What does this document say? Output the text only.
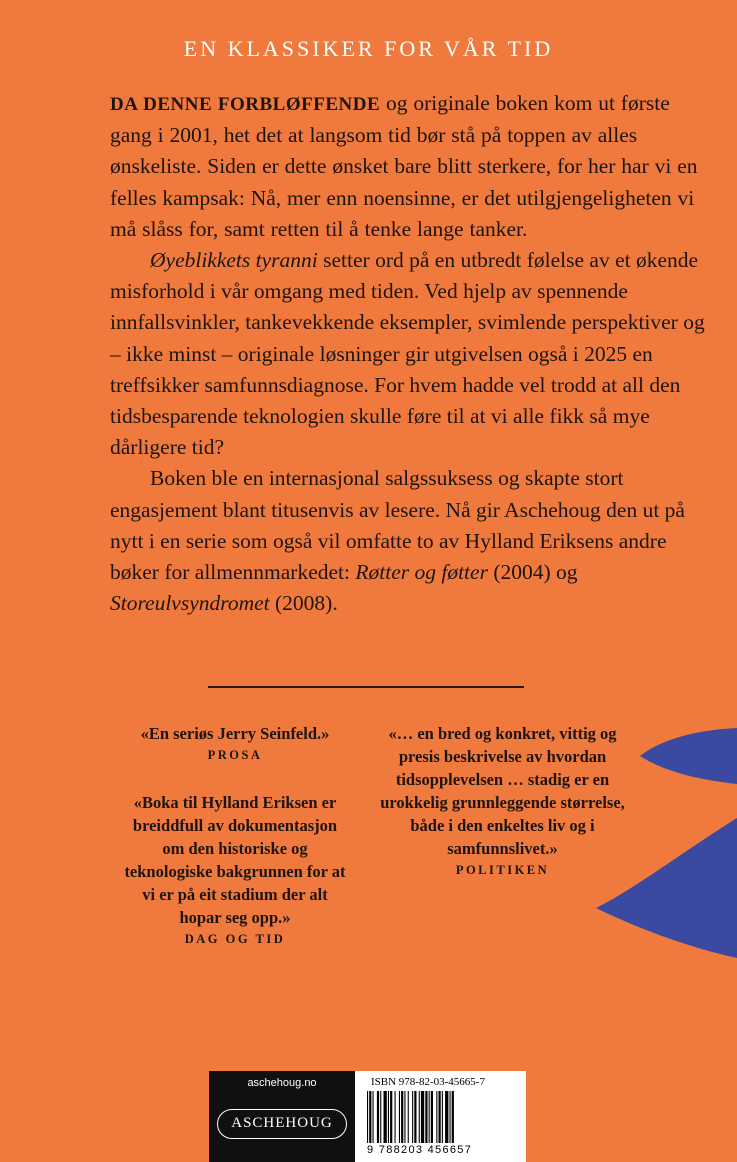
EN KLASSIKER FOR VÅR TID

DA DENNE FORBLØFFENDE og originale boken kom ut første gang i 2001, het det at langsom tid bør stå på toppen av alles ønskeliste. Siden er dette ønsket bare blitt sterkere, for her har vi en felles kampsak: Nå, mer enn noensinne, er det utilgjengeligheten vi må slåss for, samt retten til å tenke lange tanker.

Øyeblikkets tyranni setter ord på en utbredt følelse av et økende misforhold i vår omgang med tiden. Ved hjelp av spennende innfallsvinkler, tankevekkende eksempler, svimlende perspektiver og – ikke minst – originale løsninger gir utgivelsen også i 2025 en treffsikker samfunnsdiagnose. For hvem hadde vel trodd at all den tidsbesparende teknologien skulle føre til at vi alle fikk så mye dårligere tid?

Boken ble en internasjonal salgssuksess og skapte stort engasjement blant titusenvis av lesere. Nå gir Aschehoug den ut på nytt i en serie som også vil omfatte to av Hylland Eriksens andre bøker for allmennmarkedet: Røtter og føtter (2004) og Storeulvsyndromet (2008).

«En seriøs Jerry Seinfeld.»
PROSA
«Boka til Hylland Eriksen er breiddfull av dokumentasjon om den historiske og teknologiske bakgrunnen for at vi er på eit stadium der alt hopar seg opp.»
DAG OG TID
«… en bred og konkret, vittig og presis beskrivelse av hvordan tidsopplevelsen … stadig er en urokkelig grunnleggende størrelse, både i den enkeltes liv og i samfunnslivet.»
POLITIKEN
aschehoug.no
ASCHEHOUG
ISBN 978-82-03-45665-7
9 788203 456657
